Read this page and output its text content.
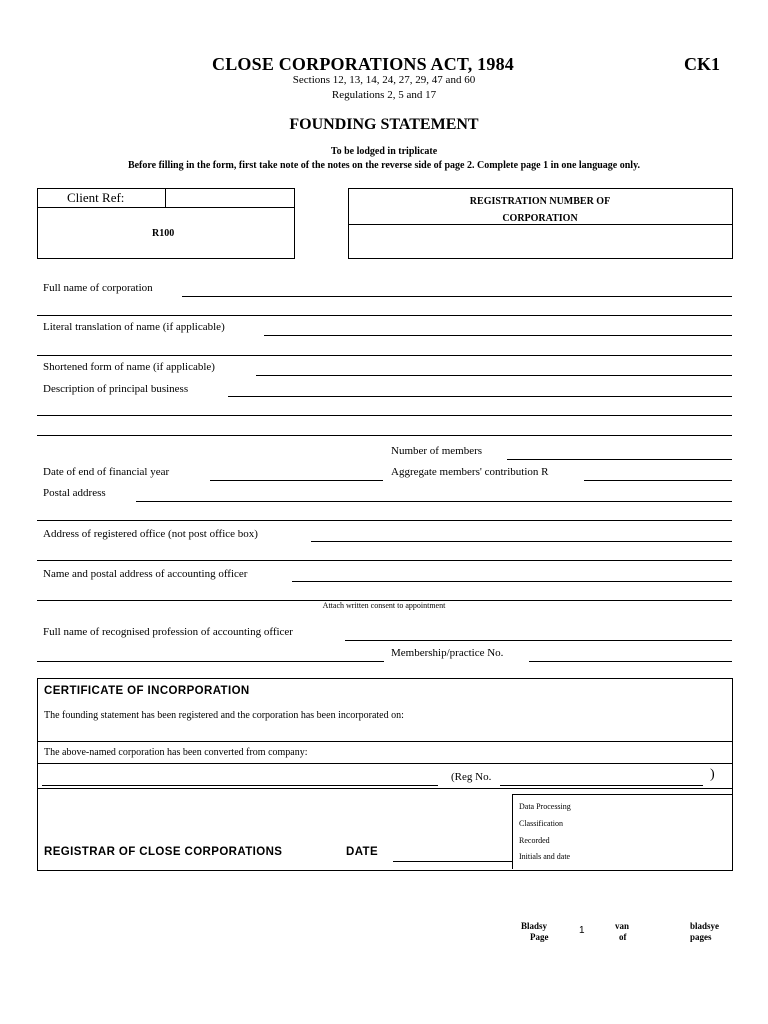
CLOSE CORPORATIONS ACT, 1984	CK1
Sections 12, 13, 14, 24, 27, 29, 47 and 60
Regulations 2, 5 and 17
FOUNDING STATEMENT
To be lodged in triplicate
Before filling in the form, first take note of the notes on the reverse side of page 2. Complete page 1 in one language only.
Client Ref:
R100
REGISTRATION NUMBER OF
CORPORATION
Full name of corporation
Literal translation of name (if applicable)
Shortened form of name (if applicable)
Description of principal business
Number of members
Date of end of financial year	Aggregate members' contribution R
Postal address
Address of registered office (not post office box)
Name and postal address of accounting officer
Attach written consent to appointment
Full name of recognised profession of accounting officer
Membership/practice No.
CERTIFICATE OF INCORPORATION
The founding statement has been registered and the corporation has been incorporated on:
The above-named corporation has been converted from company:
(Reg No.	)
Data Processing
Classification
Recorded
Initials and date
REGISTRAR OF CLOSE CORPORATIONS	DATE
Bladsy
Page
1	van
of
bladsye
pages
